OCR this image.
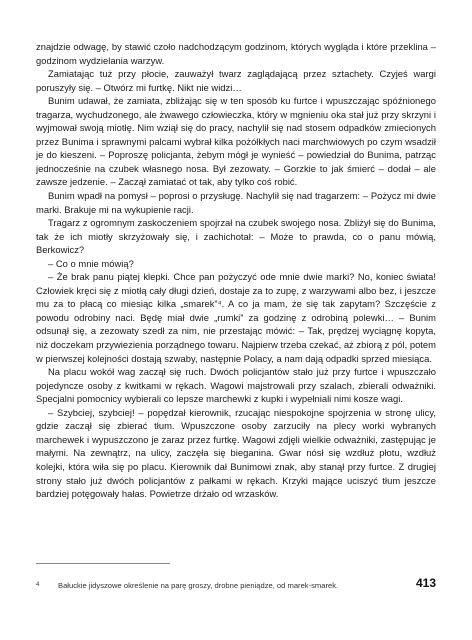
znajdzie odwagę, by stawić czoło nadchodzącym godzinom, których wygląda i które przeklina – godzinom wydzielania warzyw.

Zamiatając tuż przy płocie, zauważył twarz zaglądającą przez sztachety. Czyjeś wargi poruszyły się. – Otwórz mi furtkę. Nikt nie widzi…

Bunim udawał, że zamiata, zbliżając się w ten sposób ku furtce i wpuszczając spóźnionego tragarza, wychudzonego, ale żwawego człowieczka, który w mgnieniu oka stał już przy skrzyni i wyjmował swoją miotłę. Nim wziął się do pracy, nachylił się nad stosem odpadków zmiecionych przez Bunima i sprawnymi palcami wybrał kilka pożółkłych naci marchwiowych po czym wsadził je do kieszeni. – Poproszę policjanta, żebym mógł je wynieść – powiedział do Bunima, patrząc jednocześnie na czubek własnego nosa. Był zezowaty. – Gorzkie to jak śmierć – dodał – ale zawsze jedzenie. – Zaczął zamiatać ot tak, aby tylko coś robić.

Bunim wpadł na pomysł – poprosi o przysługę. Nachylił się nad tragarzem: – Pożycz mi dwie marki. Brakuje mi na wykupienie racji.

Tragarz z ogromnym zaskoczeniem spojrzał na czubek swojego nosa. Zbliżył się do Bunima, tak że ich miotły skrzyżowały się, i zachichotał: – Może to prawda, co o panu mówią, Berkowicz?

– Co o mnie mówią?

– Że brak panu piątej klepki. Chce pan pożyczyć ode mnie dwie marki? No, koniec świata! Człowiek kręci się z miotłą cały długi dzień, dostaje za to zupę, z warzywami albo bez, i jeszcze mu za to płacą co miesiąc kilka „smarek”⁴. A co ja mam, że się tak zapytam? Szczęście z powodu odrobiny naci. Będę miał dwie „rumki” za godzinę z odrobiną polewki… – Bunim odsunął się, a zezowaty szedł za nim, nie przestając mówić: – Tak, prędzej wyciągnę kopyta, niż doczekam przywiezienia porządnego towaru. Najpierw trzeba czekać, aż zbiorą z pól, potem w pierwszej kolejności dostają szwaby, następnie Polacy, a nam dają odpadki sprzed miesiąca.

Na placu wokół wag zaczął się ruch. Dwóch policjantów stało już przy furtce i wpuszczało pojedyncze osoby z kwitkami w rękach. Wagowi majstrowali przy szalach, zbierali odważniki. Specjalni pomocnicy wybierali co lepsze marchewki z kupki i wypełniali nimi kosze wagi.

– Szybciej, szybciej! – popędzał kierownik, rzucając niespokojne spojrzenia w stronę ulicy, gdzie zaczął się zbierać tłum. Wpuszczone osoby zarzuciły na plecy worki wybranych marchewek i wypuszczono je zaraz przez furtkę. Wagowi zdjęli wielkie odważniki, zastępując je małymi. Na zewnątrz, na ulicy, zaczęła się bieganina. Gwar nósł się wzdłuż płotu, wzdłuż kolejki, która wiła się po placu. Kierownik dał Bunimowi znak, aby stanął przy furtce. Z drugiej strony stało już dwóch policjantów z pałkami w rękach. Krzyki mające uciszyć tłum jeszcze bardziej potęgowały hałas. Powietrze drżało od wrzasków.

4 Bałuckie jidyszowe określenie na parę groszy, drobne pieniądze, od marek-smarek.	413
